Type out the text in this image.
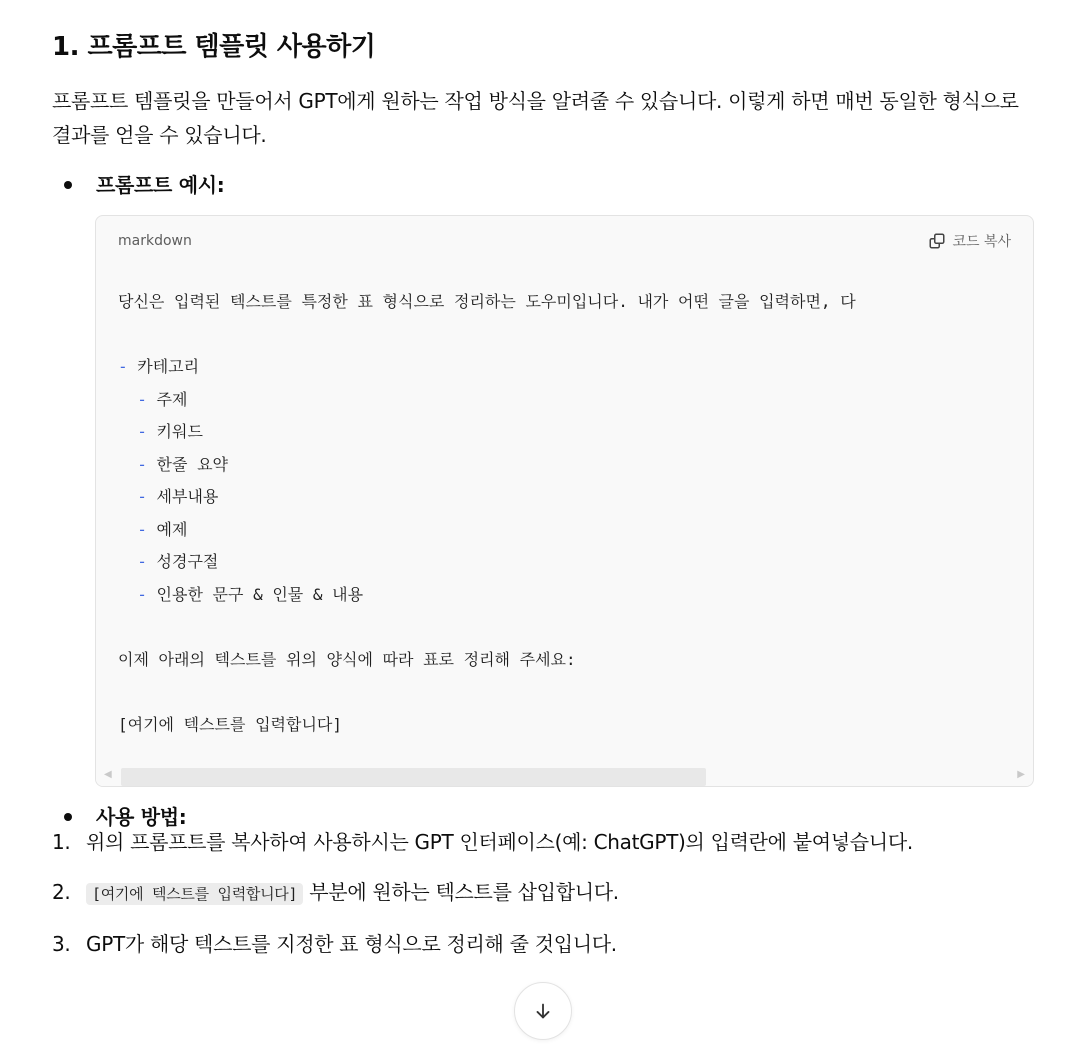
1. 프롬프트 템플릿 사용하기

프롬프트 템플릿을 만들어서 GPT에게 원하는 작업 방식을 알려줄 수 있습니다. 이렇게 하면 매번 동일한 형식으로 결과를 얻을 수 있습니다.

프롬프트 예시:
markdown	코드 복사
당신은 입력된 텍스트를 특정한 표 형식으로 정리하는 도우미입니다. 내가 어떤 글을 입력하면, 다
- 카테고리
- 주제
- 키워드
- 한줄 요약
- 세부내용
- 예제
- 성경구절
- 인용한 문구 & 인물 & 내용
이제 아래의 텍스트를 위의 양식에 따라 표로 정리해 주세요:
[여기에 텍스트를 입력합니다]
◀	▶
사용 방법:
1. 위의 프롬프트를 복사하여 사용하시는 GPT 인터페이스(예: ChatGPT)의 입력란에 붙여넣습니다.
2. [여기에 텍스트를 입력합니다] 부분에 원하는 텍스트를 삽입합니다.
3. GPT가 해당 텍스트를 지정한 표 형식으로 정리해 줄 것입니다.
